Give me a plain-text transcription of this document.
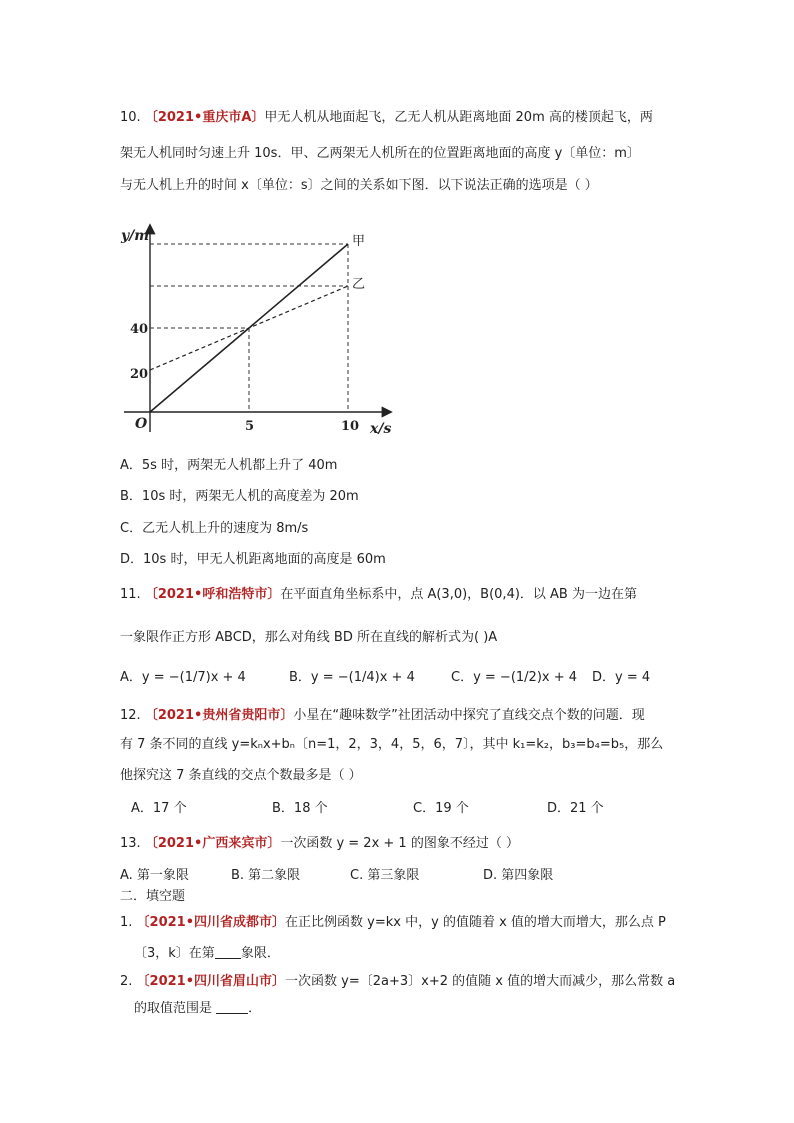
10. 〔2021•重庆市A〕甲无人机从地面起飞，乙无人机从距离地面 20m 高的楼顶起飞，两
架无人机同时匀速上升 10s．甲、乙两架无人机所在的位置距离地面的高度 y〔单位：m〕
与无人机上升的时间 x〔单位：s〕之间的关系如下图．以下说法正确的选项是（ ）
y/m
x/s
O
40
20
5	10
甲
乙
A．5s 时，两架无人机都上升了 40m
B．10s 时，两架无人机的高度差为 20m
C．乙无人机上升的速度为 8m/s
D．10s 时，甲无人机距离地面的高度是 60m
11. 〔2021•呼和浩特市〕在平面直角坐标系中，点 A(3,0)，B(0,4)．以 AB 为一边在第
一象限作正方形 ABCD，那么对角线 BD 所在直线的解析式为( )A
A．y = −(1/7)x + 4	B．y = −(1/4)x + 4	C．y = −(1/2)x + 4 D．y = 4
12. 〔2021•贵州省贵阳市〕小星在“趣味数学”社团活动中探究了直线交点个数的问题．现
有 7 条不同的直线 y=kₙx+bₙ〔n=1，2，3，4，5，6，7〕，其中 k₁=k₂，b₃=b₄=b₅，那么
他探究这 7 条直线的交点个数最多是（ ）
A．17 个	B．18 个	C．19 个	D．21 个
13. 〔2021•广西来宾市〕一次函数 y = 2x + 1 的图象不经过（ ）
A. 第一象限	B. 第二象限	C. 第三象限	D. 第四象限
二．填空题
1. 〔2021•四川省成都市〕在正比例函数 y=kx 中，y 的值随着 x 值的增大而增大，那么点 P
〔3，k〕在第 象限．
2. 〔2021•四川省眉山市〕一次函数 y=〔2a+3〕x+2 的值随 x 值的增大而减少，那么常数 a
的取值范围是	．
